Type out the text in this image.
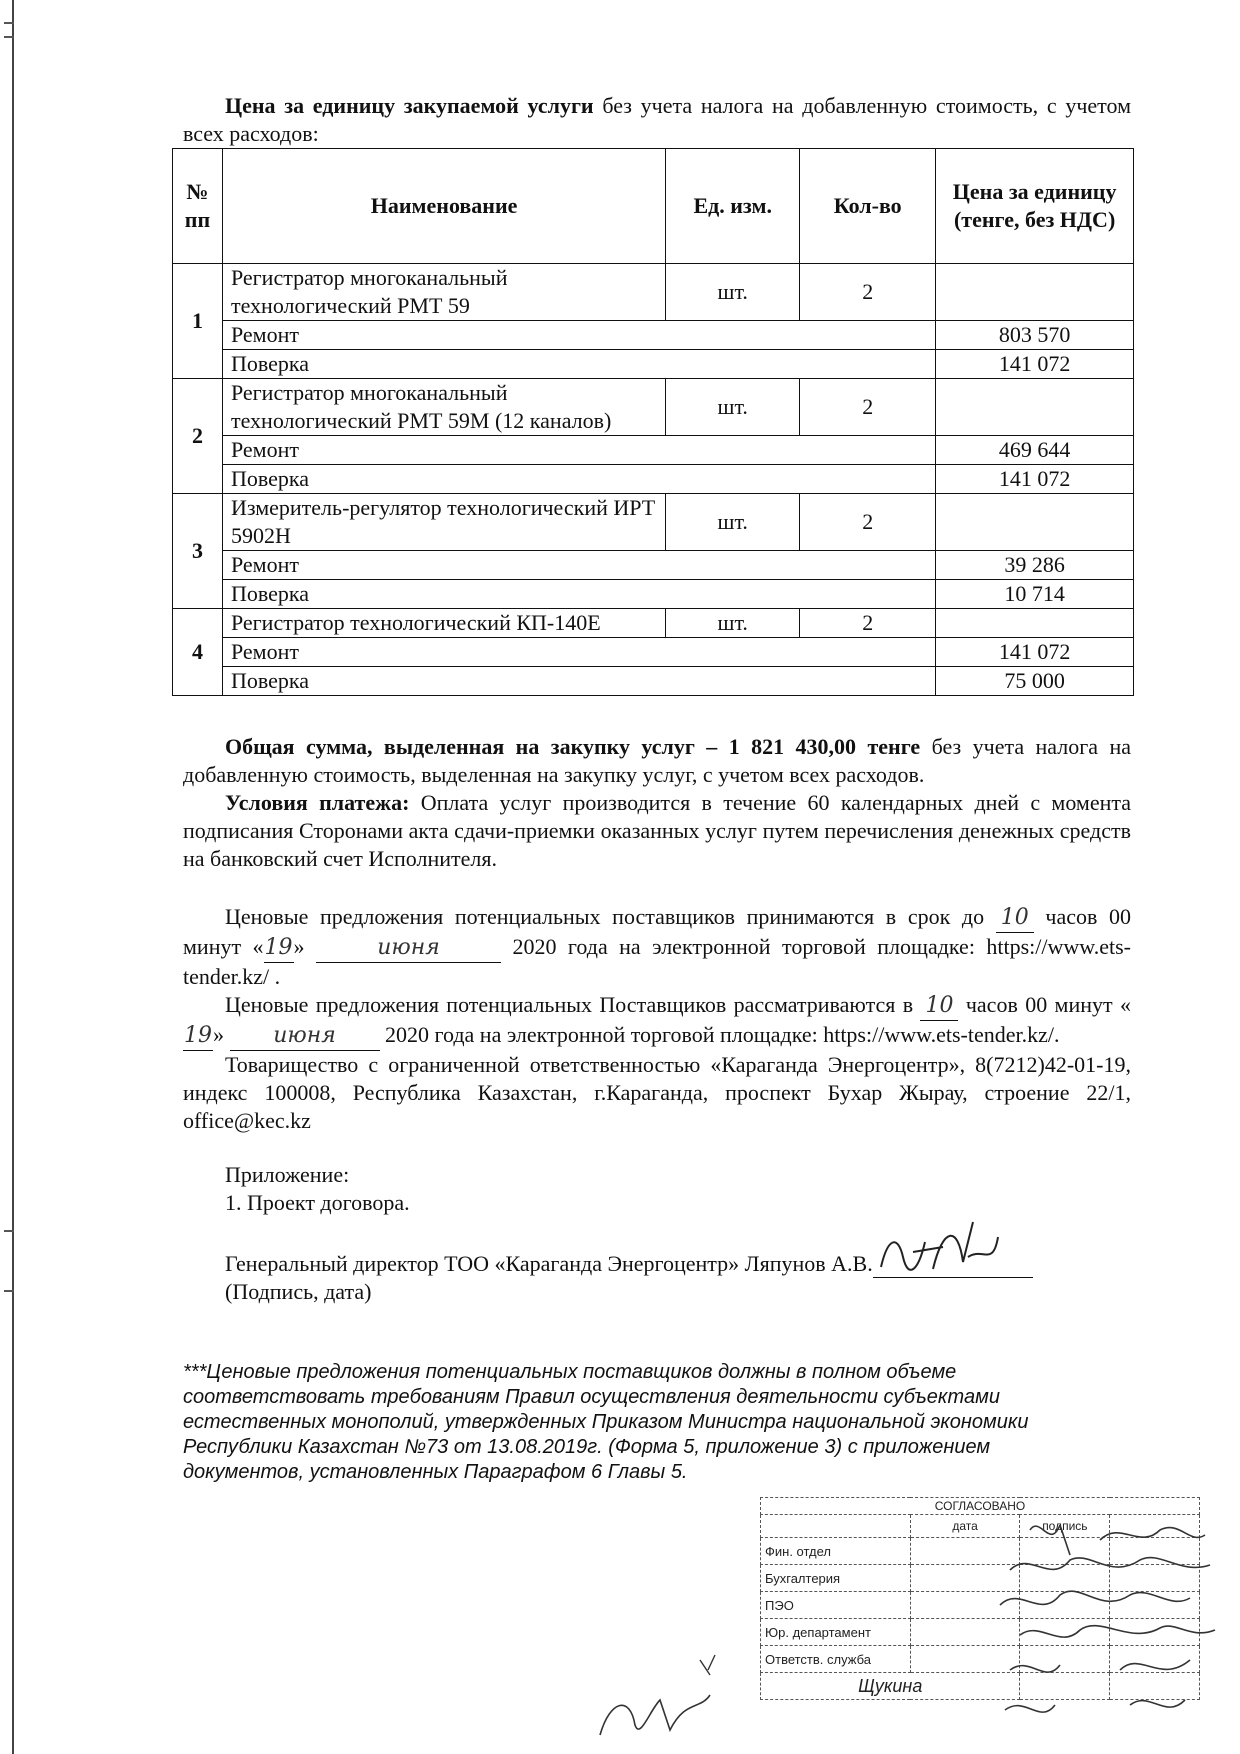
Цена за единицу закупаемой услуги без учета налога на добавленную стоимость, с учетом всех расходов:
№ пп	Наименование	Ед. изм.	Кол-во	Цена за единицу (тенге, без НДС)
1	Регистратор многоканальный технологический РМТ 59	шт.	2	
	Ремонт			803 570
	Поверка			141 072
2	Регистратор многоканальный технологический РМТ 59М (12 каналов)	шт.	2	
	Ремонт			469 644
	Поверка			141 072
3	Измеритель-регулятор технологический ИРТ 5902Н	шт.	2	
	Ремонт			39 286
	Поверка			10 714
4	Регистратор технологический КП-140Е	шт.	2	
	Ремонт			141 072
	Поверка			75 000

Общая сумма, выделенная на закупку услуг – 1 821 430,00 тенге без учета налога на добавленную стоимость, выделенная на закупку услуг, с учетом всех расходов.

Условия платежа: Оплата услуг производится в течение 60 календарных дней с момента подписания Сторонами акта сдачи-приемки оказанных услуг путем перечисления денежных средств на банковский счет Исполнителя.

Ценовые предложения потенциальных поставщиков принимаются в срок до 10 часов 00 минут «19»	июня	2020 года на электронной торговой площадке: https://www.ets-tender.kz/ .

Ценовые предложения потенциальных Поставщиков рассматриваются в 10 часов 00 минут «19» июня 2020 года на электронной торговой площадке: https://www.ets-tender.kz/.

Товарищество с ограниченной ответственностью «Караганда Энергоцентр», 8(7212)42-01-19, индекс 100008, Республика Казахстан, г.Караганда, проспект Бухар Жырау, строение 22/1, office@kec.kz

Приложение:

1. Проект договора.

Генеральный директор ТОО «Караганда Энергоцентр» Ляпунов А.В.

(Подпись, дата)

***Ценовые предложения потенциальных поставщиков должны в полном объеме соответствовать требованиям Правил осуществления деятельности субъектами естественных монополий, утвержденных Приказом Министра национальной экономики Республики Казахстан №73 от 13.08.2019г. (Форма 5, приложение 3) с приложением документов, установленных Параграфом 6 Главы 5.
СОГЛАСОВАНО			
	дата	подпись	
Фин. отдел			
Бухгалтерия			
ПЭО			
Юр. департамент			
Ответств. служба			
Щукина			
